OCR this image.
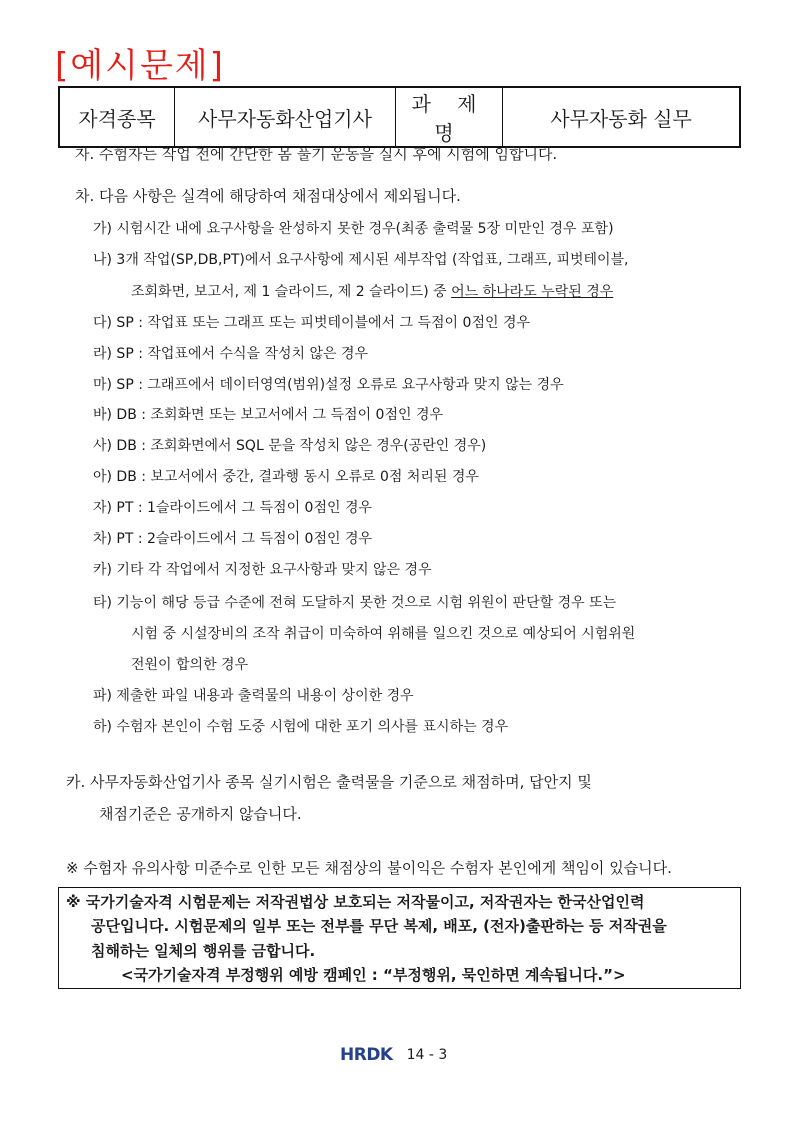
[예시문제]
자격종목	사무자동화산업기사	과 제 명	사무자동화 실무
자. 수험자는 작업 전에 간단한 몸 풀기 운동을 실시 후에 시험에 임합니다.
차. 다음 사항은 실격에 해당하여 채점대상에서 제외됩니다.
가) 시험시간 내에 요구사항을 완성하지 못한 경우(최종 출력물 5장 미만인 경우 포함)
나) 3개 작업(SP,DB,PT)에서 요구사항에 제시된 세부작업 (작업표, 그래프, 피벗테이블,
조회화면, 보고서, 제 1 슬라이드, 제 2 슬라이드) 중 어느 하나라도 누락된 경우
다) SP : 작업표 또는 그래프 또는 피벗테이블에서 그 득점이 0점인 경우
라) SP : 작업표에서 수식을 작성치 않은 경우
마) SP : 그래프에서 데이터영역(범위)설정 오류로 요구사항과 맞지 않는 경우
바) DB : 조회화면 또는 보고서에서 그 득점이 0점인 경우
사) DB : 조회화면에서 SQL 문을 작성치 않은 경우(공란인 경우)
아) DB : 보고서에서 중간, 결과행 동시 오류로 0점 처리된 경우
자) PT : 1슬라이드에서 그 득점이 0점인 경우
차) PT : 2슬라이드에서 그 득점이 0점인 경우
카) 기타 각 작업에서 지정한 요구사항과 맞지 않은 경우
타) 기능이 해당 등급 수준에 전혀 도달하지 못한 것으로 시험 위원이 판단할 경우 또는
시험 중 시설장비의 조작 취급이 미숙하여 위해를 일으킨 것으로 예상되어 시험위원
전원이 합의한 경우
파) 제출한 파일 내용과 출력물의 내용이 상이한 경우
하) 수험자 본인이 수험 도중 시험에 대한 포기 의사를 표시하는 경우
카. 사무자동화산업기사 종목 실기시험은 출력물을 기준으로 채점하며, 답안지 및
채점기준은 공개하지 않습니다.
※ 수험자 유의사항 미준수로 인한 모든 채점상의 불이익은 수험자 본인에게 책임이 있습니다.
※ 국가기술자격 시험문제는 저작권법상 보호되는 저작물이고, 저작권자는 한국산업인력
공단입니다. 시험문제의 일부 또는 전부를 무단 복제, 배포, (전자)출판하는 등 저작권을
침해하는 일체의 행위를 금합니다.
<국가기술자격 부정행위 예방 캠페인 : “부정행위, 묵인하면 계속됩니다.”>
HRDK 14 - 3
